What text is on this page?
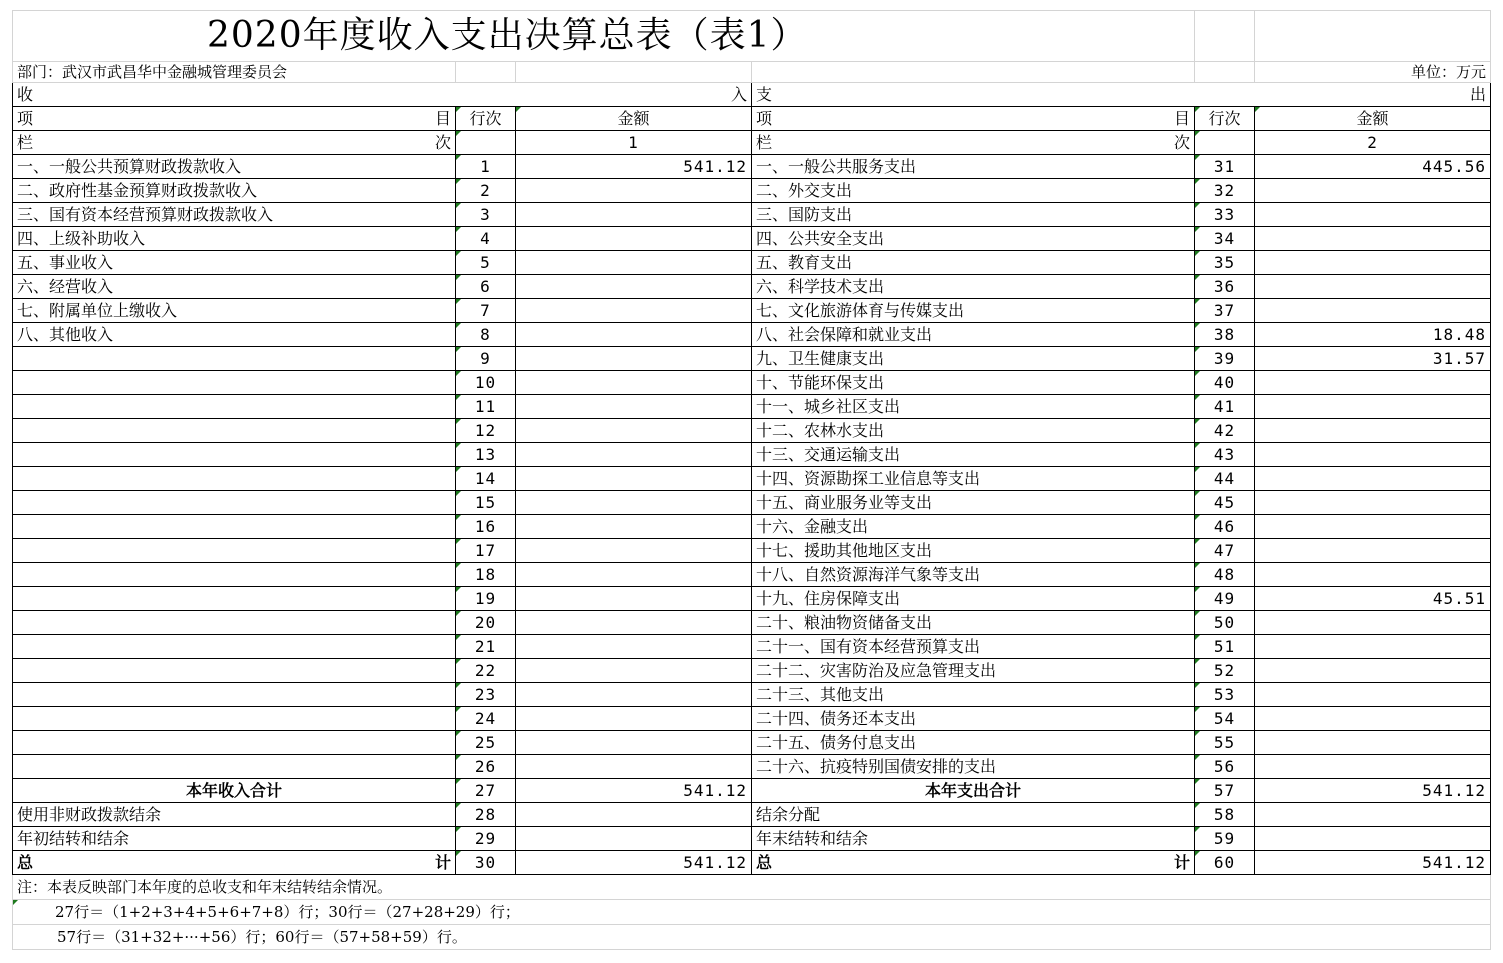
2020年度收入支出决算总表（表1）					
部门：武汉市武昌华中金融城管理委员会					单位：万元

收 入			支 出		

项 目	行次	金额	项 目	行次	金额

栏 次		1	栏 次		2
一、一般公共预算财政拨款收入	1	541.12	一、一般公共服务支出	31	445.56
二、政府性基金预算财政拨款收入	2		二、外交支出	32	
三、国有资本经营预算财政拨款收入	3		三、国防支出	33	
四、上级补助收入	4		四、公共安全支出	34	
五、事业收入	5		五、教育支出	35	
六、经营收入	6		六、科学技术支出	36	
七、附属单位上缴收入	7		七、文化旅游体育与传媒支出	37	
八、其他收入	8		八、社会保障和就业支出	38	18.48
	9		九、卫生健康支出	39	31.57
	10		十、节能环保支出	40	
	11		十一、城乡社区支出	41	
	12		十二、农林水支出	42	
	13		十三、交通运输支出	43	
	14		十四、资源勘探工业信息等支出	44	
	15		十五、商业服务业等支出	45	
	16		十六、金融支出	46	
	17		十七、援助其他地区支出	47	
	18		十八、自然资源海洋气象等支出	48	
	19		十九、住房保障支出	49	45.51
	20		二十、粮油物资储备支出	50	
	21		二十一、国有资本经营预算支出	51	
	22		二十二、灾害防治及应急管理支出	52	
	23		二十三、其他支出	53	
	24		二十四、债务还本支出	54	
	25		二十五、债务付息支出	55	
	26		二十六、抗疫特别国债安排的支出	56	
本年收入合计	27	541.12	本年支出合计	57	541.12
使用非财政拨款结余	28		结余分配	58	
年初结转和结余	29		年末结转和结余	59	

总 计	30	541.12	总 计	60	541.12
注：本表反映部门本年度的总收支和年末结转结余情况。					
27行＝（1+2+3+4+5+6+7+8）行；30行＝（27+28+29）行；					
57行＝（31+32+···+56）行；60行＝（57+58+59）行。					
